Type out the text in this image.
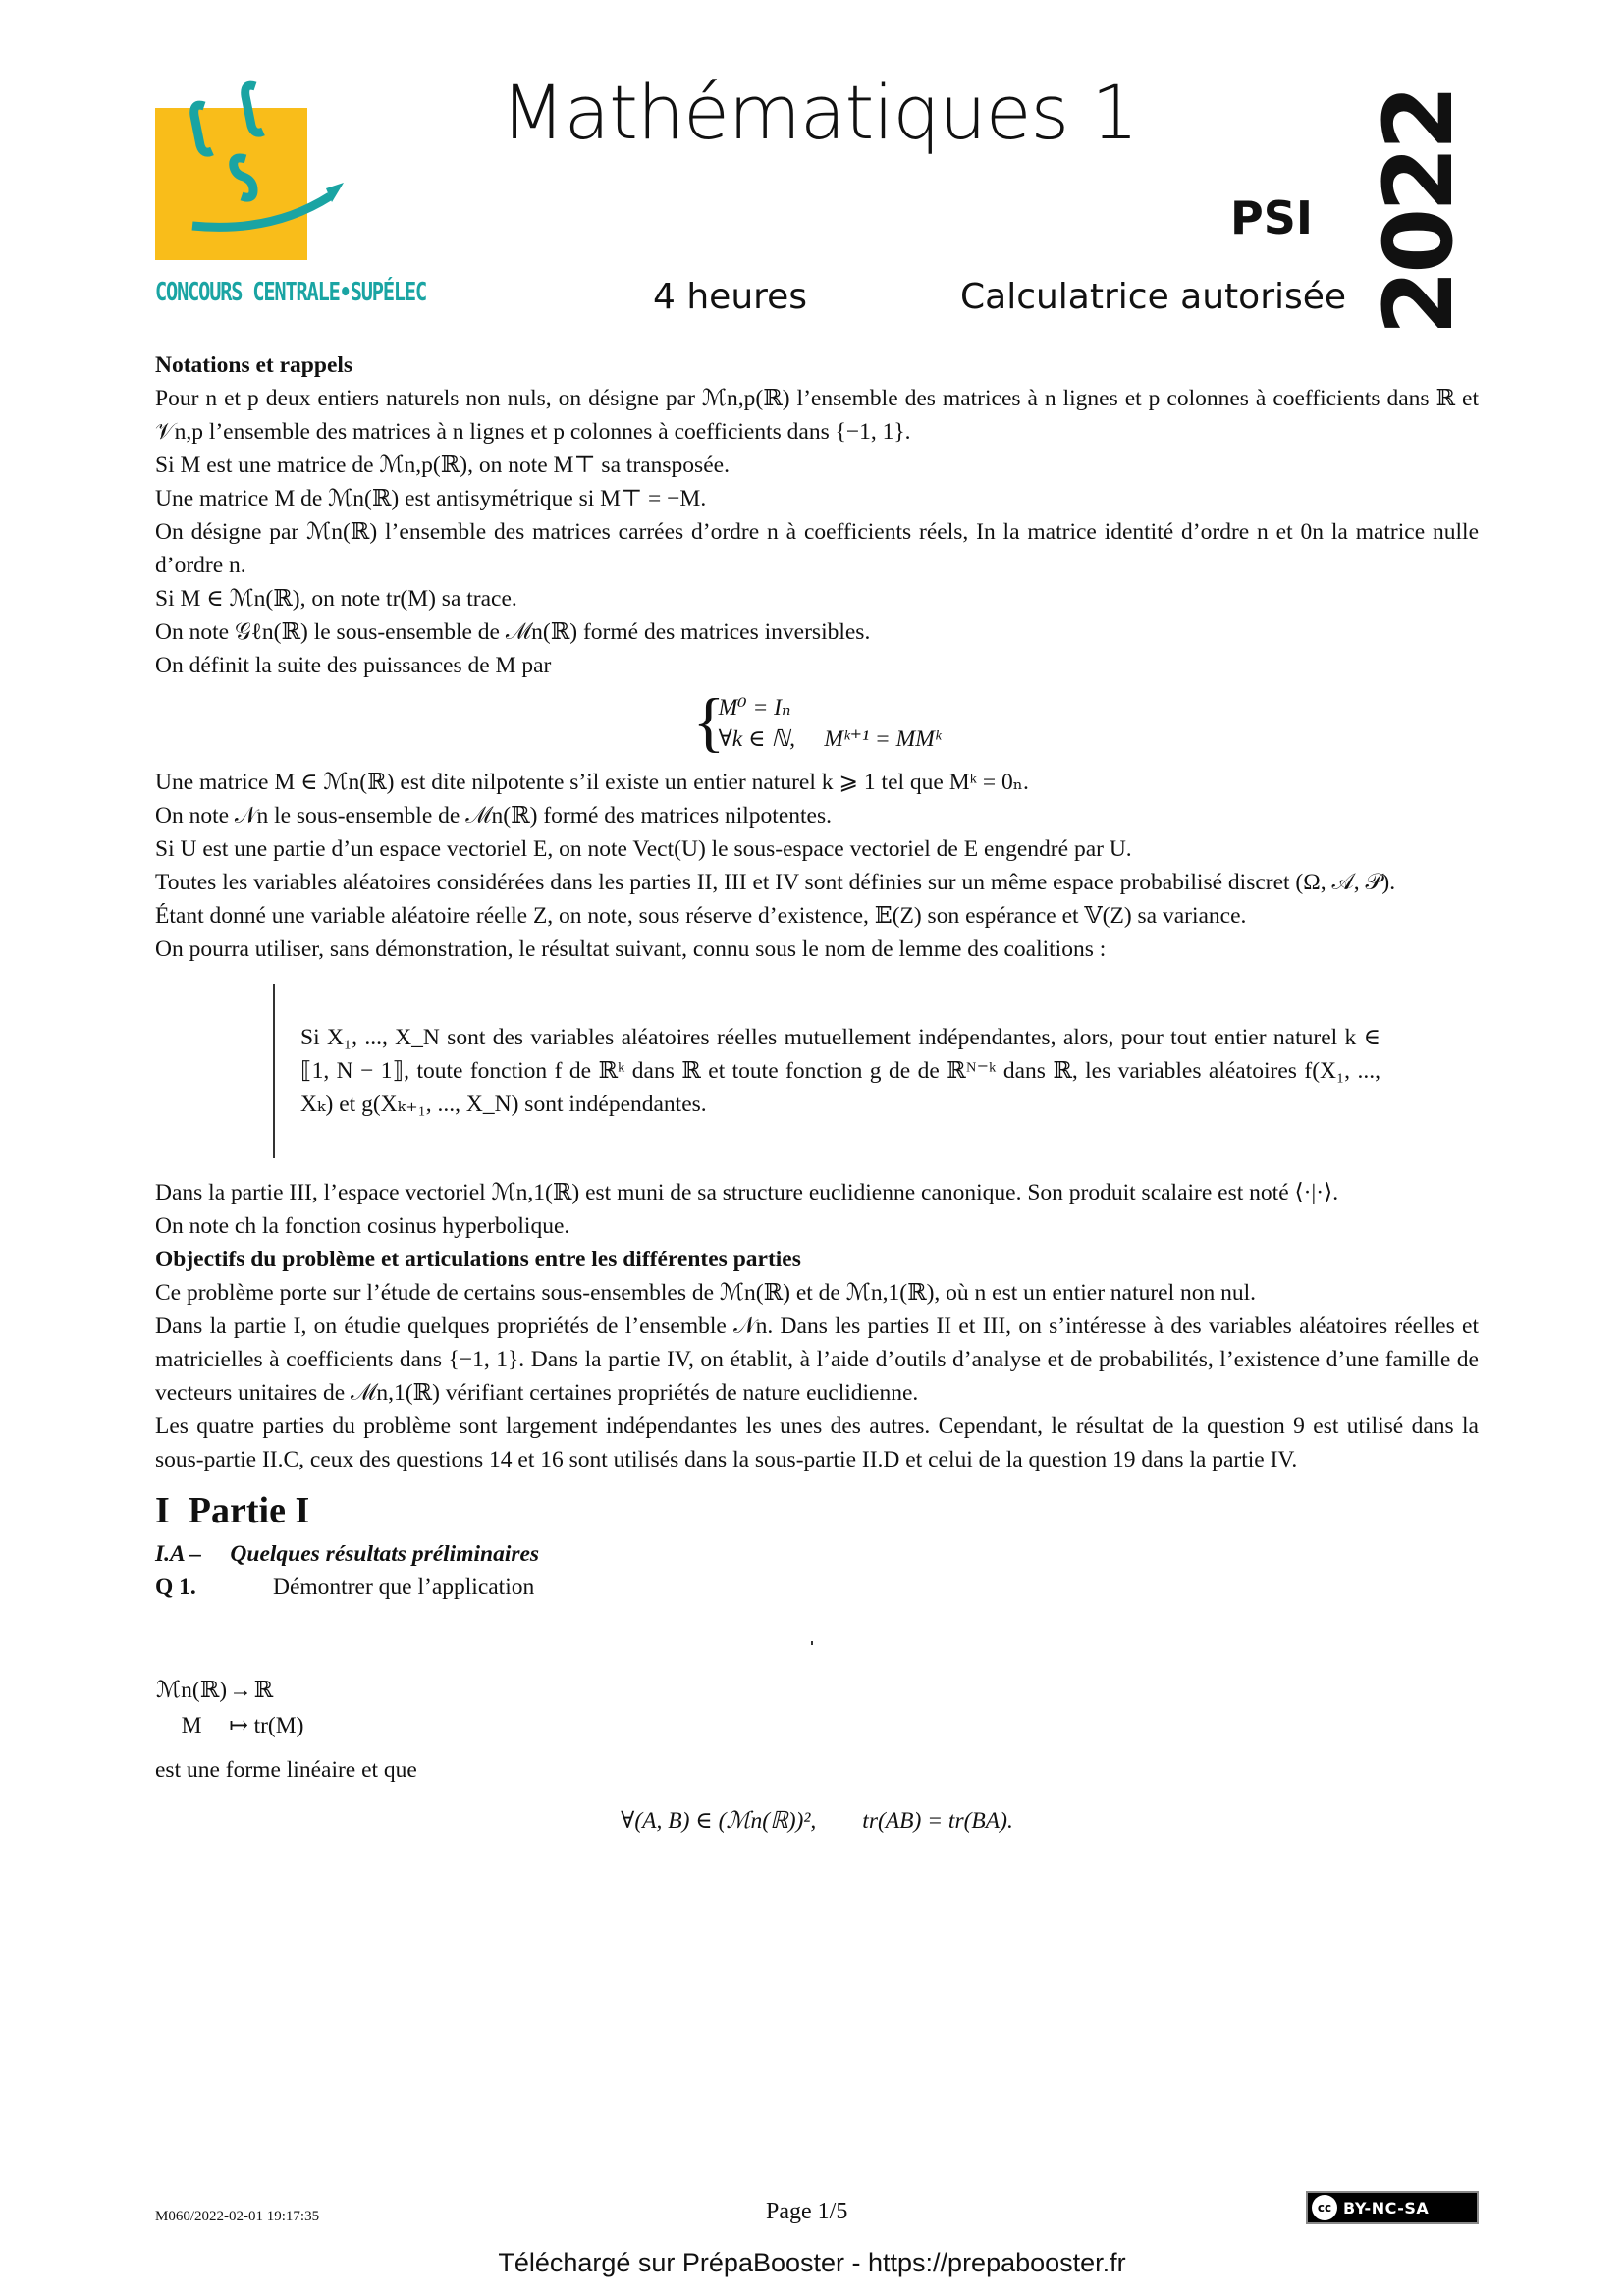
CONCOURS CENTRALE•SUPÉLEC
Mathématiques 1
PSI 2022
4 heures	Calculatrice autorisée

Notations et rappels

Pour n et p deux entiers naturels non nuls, on désigne par ℳn,p(ℝ) l’ensemble des matrices à n lignes et p colonnes à coefficients dans ℝ et 𝒱n,p l’ensemble des matrices à n lignes et p colonnes à coefficients dans {−1, 1}.

Si M est une matrice de ℳn,p(ℝ), on note M⊤ sa transposée.

Une matrice M de ℳn(ℝ) est antisymétrique si M⊤ = −M.

On désigne par ℳn(ℝ) l’ensemble des matrices carrées d’ordre n à coefficients réels, In la matrice identité d’ordre n et 0n la matrice nulle d’ordre n.

Si M ∈ ℳn(ℝ), on note tr(M) sa trace.

On note 𝒢ℓn(ℝ) le sous-ensemble de ℳn(ℝ) formé des matrices inversibles.

On définit la suite des puissances de M par

{
M⁰ = Iₙ
∀k ∈ ℕ,     Mᵏ⁺¹ = MMᵏ

Une matrice M ∈ ℳn(ℝ) est dite nilpotente s’il existe un entier naturel k ⩾ 1 tel que Mᵏ = 0ₙ.

On note 𝒩n le sous-ensemble de ℳn(ℝ) formé des matrices nilpotentes.

Si U est une partie d’un espace vectoriel E, on note Vect(U) le sous-espace vectoriel de E engendré par U.

Toutes les variables aléatoires considérées dans les parties II, III et IV sont définies sur un même espace probabilisé discret (Ω, 𝒜, 𝒫).

Étant donné une variable aléatoire réelle Z, on note, sous réserve d’existence, 𝔼(Z) son espérance et 𝕍(Z) sa variance.

On pourra utiliser, sans démonstration, le résultat suivant, connu sous le nom de lemme des coalitions :

Si X₁, ..., X_N sont des variables aléatoires réelles mutuellement indépendantes, alors, pour tout entier naturel k ∈ ⟦1, N − 1⟧, toute fonction f de ℝᵏ dans ℝ et toute fonction g de de ℝᴺ⁻ᵏ dans ℝ, les variables aléatoires f(X₁, ..., Xₖ) et g(Xₖ₊₁, ..., X_N) sont indépendantes.

Dans la partie III, l’espace vectoriel ℳn,1(ℝ) est muni de sa structure euclidienne canonique. Son produit scalaire est noté ⟨·|·⟩.

On note ch la fonction cosinus hyperbolique.

Objectifs du problème et articulations entre les différentes parties

Ce problème porte sur l’étude de certains sous-ensembles de ℳn(ℝ) et de ℳn,1(ℝ), où n est un entier naturel non nul.

Dans la partie I, on étudie quelques propriétés de l’ensemble 𝒩n. Dans les parties II et III, on s’intéresse à des variables aléatoires réelles et matricielles à coefficients dans {−1, 1}. Dans la partie IV, on établit, à l’aide d’outils d’analyse et de probabilités, l’existence d’une famille de vecteurs unitaires de ℳn,1(ℝ) vérifiant certaines propriétés de nature euclidienne.

Les quatre parties du problème sont largement indépendantes les unes des autres. Cependant, le résultat de la question 9 est utilisé dans la sous-partie II.C, ceux des questions 14 et 16 sont utilisés dans la sous-partie II.D et celui de la question 19 dans la partie IV.

I  Partie I

I.A –     Quelques résultats préliminaires

Q 1.	Démontrer que l’application

ℳn(ℝ)	→	ℝ
M	↦	tr(M)

est une forme linéaire et que

∀(A, B) ∈ (ℳn(ℝ))²,        tr(AB) = tr(BA).

M060/2022-02-01 19:17:35	Page 1/5	cc BY-NC-SA
Téléchargé sur PrépaBooster - https://prepabooster.fr
